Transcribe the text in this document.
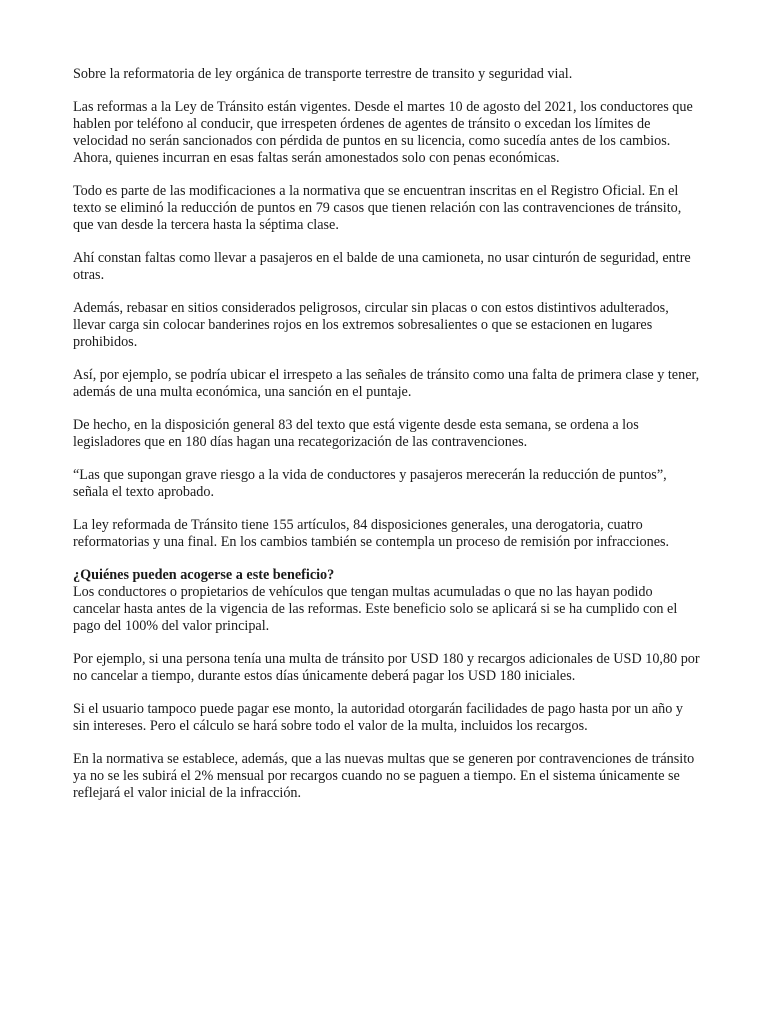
Sobre la reformatoria de ley orgánica de transporte terrestre de transito y seguridad vial.

Las reformas a la Ley de Tránsito están vigentes. Desde el martes 10 de agosto del 2021, los conductores que hablen por teléfono al conducir, que irrespeten órdenes de agentes de tránsito o excedan los límites de velocidad no serán sancionados con pérdida de puntos en su licencia, como sucedía antes de los cambios. Ahora, quienes incurran en esas faltas serán amonestados solo con penas económicas.

Todo es parte de las modificaciones a la normativa que se encuentran inscritas en el Registro Oficial. En el texto se eliminó la reducción de puntos en 79 casos que tienen relación con las contravenciones de tránsito, que van desde la tercera hasta la séptima clase.

Ahí constan faltas como llevar a pasajeros en el balde de una camioneta, no usar cinturón de seguridad, entre otras.

Además, rebasar en sitios considerados peligrosos, circular sin placas o con estos distintivos adulterados, llevar carga sin colocar banderines rojos en los extremos sobresalientes o que se estacionen en lugares prohibidos.

Así, por ejemplo, se podría ubicar el irrespeto a las señales de tránsito como una falta de primera clase y tener, además de una multa económica, una sanción en el puntaje.

De hecho, en la disposición general 83 del texto que está vigente desde esta semana, se ordena a los legisladores que en 180 días hagan una recategorización de las contravenciones.

“Las que supongan grave riesgo a la vida de conductores y pasajeros merecerán la reducción de puntos”, señala el texto aprobado.

La ley reformada de Tránsito tiene 155 artículos, 84 disposiciones generales, una derogatoria, cuatro reformatorias y una final. En los cambios también se contempla un proceso de remisión por infracciones.

¿Quiénes pueden acogerse a este beneficio?
Los conductores o propietarios de vehículos que tengan multas acumuladas o que no las hayan podido cancelar hasta antes de la vigencia de las reformas. Este beneficio solo se aplicará si se ha cumplido con el pago del 100% del valor principal.

Por ejemplo, si una persona tenía una multa de tránsito por USD 180 y recargos adicionales de USD 10,80 por no cancelar a tiempo, durante estos días únicamente deberá pagar los USD 180 iniciales.

Si el usuario tampoco puede pagar ese monto, la autoridad otorgarán facilidades de pago hasta por un año y sin intereses. Pero el cálculo se hará sobre todo el valor de la multa, incluidos los recargos.

En la normativa se establece, además, que a las nuevas multas que se generen por contravenciones de tránsito ya no se les subirá el 2% mensual por recargos cuando no se paguen a tiempo. En el sistema únicamente se reflejará el valor inicial de la infracción.
